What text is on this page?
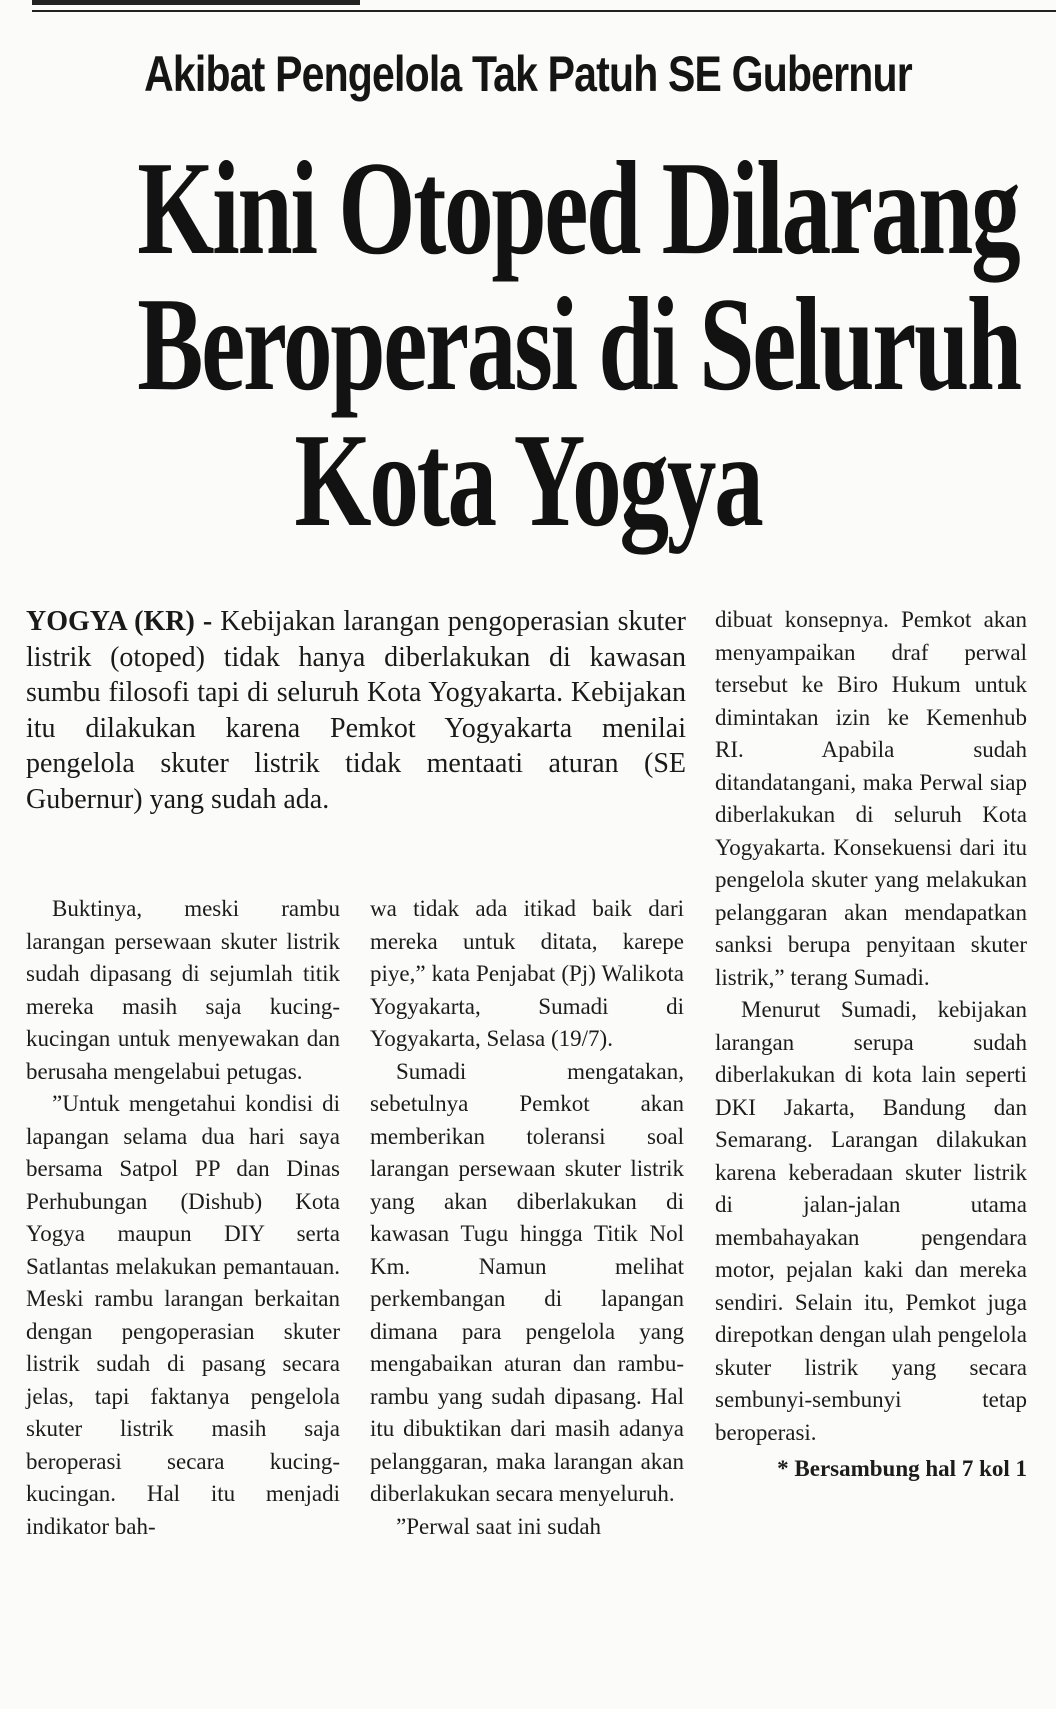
Akibat Pengelola Tak Patuh SE Gubernur
Kini Otoped Dilarang
Beroperasi di Seluruh
Kota Yogya
YOGYA (KR) - Kebijakan larangan pengoperasian skuter listrik (otoped) tidak hanya diberlakukan di kawasan sumbu filosofi tapi di seluruh Kota Yogyakarta. Kebijakan itu dilakukan karena Pemkot Yogyakarta menilai pengelola skuter listrik tidak mentaati aturan (SE Gubernur) yang sudah ada.

Buktinya, meski rambu larangan persewaan skuter listrik sudah dipasang di sejumlah titik mereka masih saja kucing-kucingan untuk menyewakan dan berusaha mengelabui petugas.

”Untuk mengetahui kondisi di lapangan selama dua hari saya bersama Satpol PP dan Dinas Perhubungan (Dishub) Kota Yogya maupun DIY serta Satlantas melakukan pemantauan. Meski rambu larangan berkaitan dengan pengoperasian skuter listrik sudah di pasang secara jelas, tapi faktanya pengelola skuter listrik masih saja beroperasi secara kucing-kucingan. Hal itu menjadi indikator bah-

wa tidak ada itikad baik dari mereka untuk ditata, karepe piye,” kata Penjabat (Pj) Walikota Yogyakarta, Sumadi di Yogyakarta, Selasa (19/7).

Sumadi mengatakan, sebetulnya Pemkot akan memberikan toleransi soal larangan persewaan skuter listrik yang akan diberlakukan di kawasan Tugu hingga Titik Nol Km. Namun melihat perkembangan di lapangan dimana para pengelola yang mengabaikan aturan dan rambu-rambu yang sudah dipasang. Hal itu dibuktikan dari masih adanya pelanggaran, maka larangan akan diberlakukan secara menyeluruh.

”Perwal saat ini sudah

dibuat konsepnya. Pemkot akan menyampaikan draf perwal tersebut ke Biro Hukum untuk dimintakan izin ke Kemenhub RI. Apabila sudah ditandatangani, maka Perwal siap diberlakukan di seluruh Kota Yogyakarta. Konsekuensi dari itu pengelola skuter yang melakukan pelanggaran akan mendapatkan sanksi berupa penyitaan skuter listrik,” terang Sumadi.

Menurut Sumadi, kebijakan larangan serupa sudah diberlakukan di kota lain seperti DKI Jakarta, Bandung dan Semarang. Larangan dilakukan karena keberadaan skuter listrik di jalan-jalan utama membahayakan pengendara motor, pejalan kaki dan mereka sendiri. Selain itu, Pemkot juga direpotkan dengan ulah pengelola skuter listrik yang secara sembunyi-sembunyi tetap beroperasi.

* Bersambung hal 7 kol 1
